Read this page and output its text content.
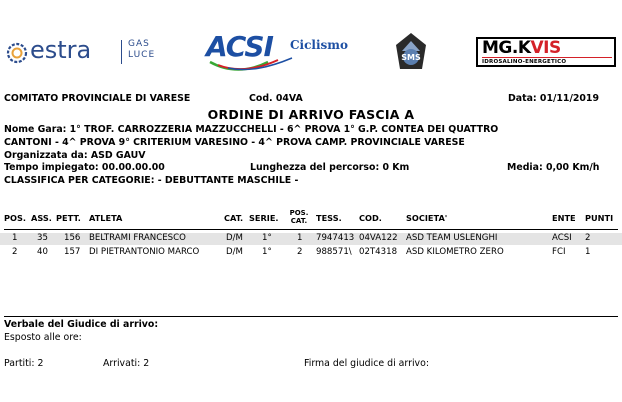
estra	GAS
LUCE ACSI Ciclismo
SMS	MG.KVIS
IDROSALINO-ENERGETICO
COMITATO PROVINCIALE DI VARESE	Cod. 04VA	Data: 01/11/2019
ORDINE DI ARRIVO FASCIA A
Nome Gara: 1° TROF. CARROZZERIA MAZZUCCHELLI - 6^ PROVA 1° G.P. CONTEA DEI QUATTRO
CANTONI - 4^ PROVA 9° CRITERIUM VARESINO - 4^ PROVA CAMP. PROVINCIALE VARESE
Organizzata da: ASD GAUV
Tempo impiegato: 00.00.00.00	Lunghezza del percorso: 0 Km	Media: 0,00 Km/h
CLASSIFICA PER CATEGORIE: - DEBUTTANTE MASCHILE -
POS. ASS. PETT. ATLETA	CAT. SERIE.	POS.
CAT.	TESS. COD.	SOCIETA'	ENTE PUNTI
1 35 156 BELTRAMI FRANCESCO	D/M 1°	1 7947413 04VA122 ASD TEAM USLENGHI	ACSI 2
2 40 157 DI PIETRANTONIO MARCO	D/M 1°	2 988571\ 02T4318 ASD KILOMETRO ZERO	FCI 1
Verbale del Giudice di arrivo:
Esposto alle ore:
Partiti: 2	Arrivati: 2	Firma del giudice di arrivo:
